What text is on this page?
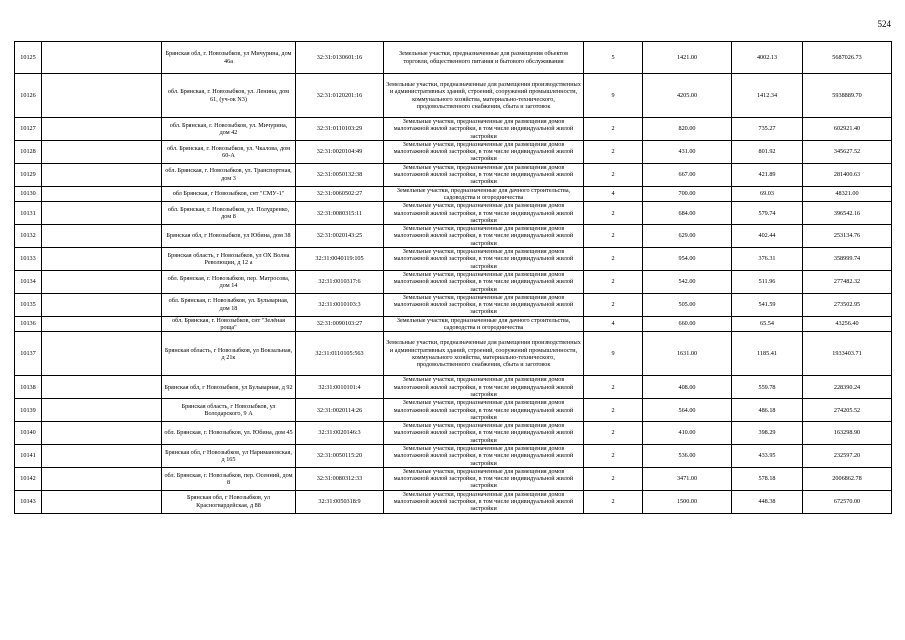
524
10125		Брянская обл, г. Новозыбков, ул Мичурина, дом 46а	32:31:0130601:16	Земельные участки, предназначенные для размещения объектов торговли, общественного питания и бытового обслуживания	5	1421.00	4002.13	5687026.73
10126		обл. Брянская, г. Новозыбков, ул. Ленина, дом 61, (уч-ок N3)	32:31:0120201:16	Земельные участки, предназначенные для размещения производственных и административных зданий, строений, сооружений промышленности, коммунального хозяйства, материально-технического, продовольственного снабжения, сбыта и заготовок	9	4205.00	1412.34	5938889.70
10127		обл. Брянская, г. Новозыбков, ул. Мичурина, дом 42	32:31:0110103:29	Земельные участки, предназначенные для размещения домов малоэтажной жилой застройки, в том числе индивидуальной жилой застройки	2	820.00	735.27	602921.40
10128		обл. Брянская, г. Новозыбков, ул. Чкалова, дом 60-А	32:31:0020104:49	Земельные участки, предназначенные для размещения домов малоэтажной жилой застройки, в том числе индивидуальной жилой застройки	2	431.00	801.92	345627.52
10129		обл. Брянская, г. Новозыбков, ул. Транспортная, дом 3	32:31:0050132:38	Земельные участки, предназначенные для размещения домов малоэтажной жилой застройки, в том числе индивидуальной жилой застройки	2	667.00	421.89	281400.63
10130		обл Брянская, г Новозыбков, снт "СМУ-1"	32:31:0060502:27	Земельные участки, предназначенные для дачного строительства, садоводства и огородничества	4	700.00	69.03	48321.00
10131		обл. Брянская, г. Новозыбков, ул. Полудренко, дом 8	32:31:0080315:11	Земельные участки, предназначенные для размещения домов малоэтажной жилой застройки, в том числе индивидуальной жилой застройки	2	684.00	579.74	396542.16
10132		Брянская обл, г Новозыбков, ул Юбина, дом 38	32:31:0020143:25	Земельные участки, предназначенные для размещения домов малоэтажной жилой застройки, в том числе индивидуальной жилой застройки	2	629.00	402.44	253134.76
10133		Брянская область, г Новозыбков, ул ОХ Волна Революции, д 12 а	32:31:0040119:105	Земельные участки, предназначенные для размещения домов малоэтажной жилой застройки, в том числе индивидуальной жилой застройки	2	954.00	376.31	358999.74
10134		обл. Брянская, г. Новозыбков, пер. Матросова, дом 14	32:31:0010317:6	Земельные участки, предназначенные для размещения домов малоэтажной жилой застройки, в том числе индивидуальной жилой застройки	2	542.00	511.96	277482.32
10135		обл. Брянская, г. Новозыбков, ул. Бульварная, дом 18	32:31:0010103:3	Земельные участки, предназначенные для размещения домов малоэтажной жилой застройки, в том числе индивидуальной жилой застройки	2	505.00	541.59	273502.95
10136		обл. Брянская, г. Новозыбков, снт "Зелёная роща"	32:31:0090103:27	Земельные участки, предназначенные для дачного строительства, садоводства и огородничества	4	660.00	65.54	43256.40
10137		Брянская область, г Новозыбков, ул Вокзальная, д 21к	32:31:0110105:563	Земельные участки, предназначенные для размещения производственных и административных зданий, строений, сооружений промышленности, коммунального хозяйства, материально-технического, продовольственного снабжения, сбыта и заготовок	9	1631.00	1185.41	1933403.71
10138		Брянская обл, г Новозыбков, ул Бульварная, д 92	32:31:0010101:4	Земельные участки, предназначенные для размещения домов малоэтажной жилой застройки, в том числе индивидуальной жилой застройки	2	408.00	559.78	228390.24
10139		Брянская область, г Новозыбков, ул Володарского, 9 А	32:31:0020114:26	Земельные участки, предназначенные для размещения домов малоэтажной жилой застройки, в том числе индивидуальной жилой застройки	2	564.00	486.18	274205.52
10140		обл. Брянская, г. Новозыбков, ул. Юбина, дом 45	32:31:0020146:3	Земельные участки, предназначенные для размещения домов малоэтажной жилой застройки, в том числе индивидуальной жилой застройки	2	410.00	398.29	163298.90
10141		Брянская обл, г Новозыбков, ул Наримановская, д 165	32:31:0050115:20	Земельные участки, предназначенные для размещения домов малоэтажной жилой застройки, в том числе индивидуальной жилой застройки	2	536.00	433.95	232597.20
10142		обл. Брянская, г. Новозыбков, пер. Осенний, дом 8	32:31:0080312:33	Земельные участки, предназначенные для размещения домов малоэтажной жилой застройки, в том числе индивидуальной жилой застройки	2	3471.00	578.18	2006862.78
10143		Брянская обл, г Новозыбков, ул Красногвардейская, д 88	32:31:0050318:9	Земельные участки, предназначенные для размещения домов малоэтажной жилой застройки, в том числе индивидуальной жилой застройки	2	1500.00	448.38	672570.00
